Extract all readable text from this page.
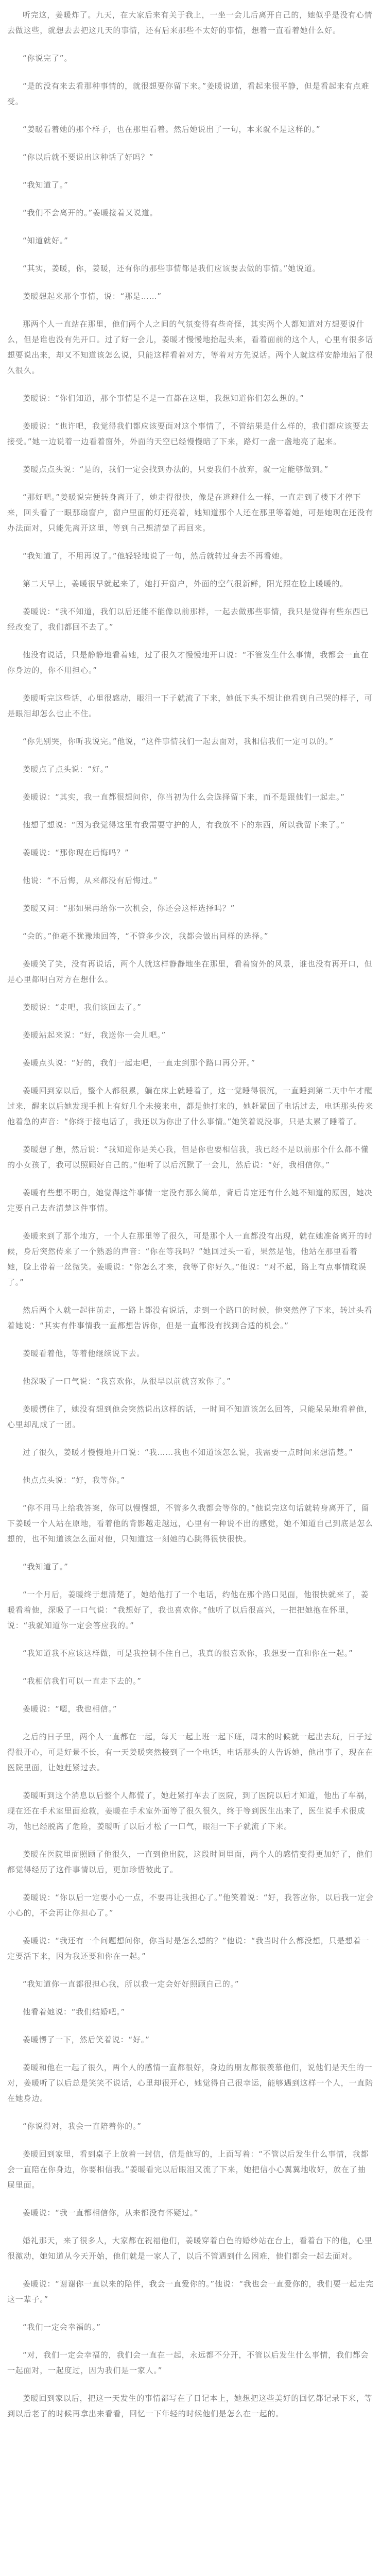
听完这，姜暖炸了。九天，在大家后来有关于我上，一坐一会儿后离开自己的，她似乎是没有心情去做这些，就想去去把这几天的事情，还有后来那些不太好的事情，想着一直看着她什么好。

“你说完了”。

“是的没有来去看那种事情的，就很想要你留下来。”姜暖说道，看起来很平静，但是看起来有点难受。

“姜暖看着她的那个样子，也在那里看着。然后她说出了一句，本来就不是这样的。”

“你以后就不要说出这种话了好吗？”

“我知道了。”

“我们不会离开的。”姜暖接着又说道。

“知道就好。”

“其实，姜暖，你，姜暖，还有你的那些事情都是我们应该要去做的事情。”她说道。

姜暖想起来那个事情，说：“那是……”

那两个人一直站在那里，他们两个人之间的气氛变得有些奇怪，其实两个人都知道对方想要说什么，但是谁也没有先开口。过了好一会儿，姜暖才慢慢地抬起头来，看着面前的这个人，心里有很多话想要说出来，却又不知道该怎么说，只能这样看着对方，等着对方先说话。两个人就这样安静地站了很久很久。

姜暖说：“你们知道，那个事情是不是一直都在这里，我想知道你们怎么想的。”

姜暖说：“也许吧，我觉得我们都应该要面对这个事情了，不管结果是什么样的，我们都应该要去接受。”她一边说着一边看着窗外，外面的天空已经慢慢暗了下来，路灯一盏一盏地亮了起来。

姜暖点点头说：“是的，我们一定会找到办法的，只要我们不放弃，就一定能够做到。”

“那好吧。”姜暖说完便转身离开了，她走得很快，像是在逃避什么一样，一直走到了楼下才停下来，回头看了一眼那扇窗户，窗户里面的灯还亮着，她知道那个人还在那里等着她，可是她现在还没有办法面对，只能先离开这里，等到自己想清楚了再回来。

“我知道了，不用再说了。”他轻轻地说了一句，然后就转过身去不再看她。

第二天早上，姜暖很早就起来了，她打开窗户，外面的空气很新鲜，阳光照在脸上暖暖的。

姜暖说：“我不知道，我们以后还能不能像以前那样，一起去做那些事情，我只是觉得有些东西已经改变了，我们都回不去了。”

他没有说话，只是静静地看着她，过了很久才慢慢地开口说：“不管发生什么事情，我都会一直在你身边的，你不用担心。”

姜暖听完这些话，心里很感动，眼泪一下子就流了下来，她低下头不想让他看到自己哭的样子，可是眼泪却怎么也止不住。

“你先别哭，你听我说完。”他说，“这件事情我们一起去面对，我相信我们一定可以的。”

姜暖点了点头说：“好。”

姜暖说：“其实，我一直都很想问你，你当初为什么会选择留下来，而不是跟他们一起走。”

他想了想说：“因为我觉得这里有我需要守护的人，有我放不下的东西，所以我留下来了。”

姜暖说：“那你现在后悔吗？”

他说：“不后悔，从来都没有后悔过。”

姜暖又问：“那如果再给你一次机会，你还会这样选择吗？”

“会的。”他毫不犹豫地回答，“不管多少次，我都会做出同样的选择。”

姜暖笑了笑，没有再说话，两个人就这样静静地坐在那里，看着窗外的风景，谁也没有再开口，但是心里都明白对方在想什么。

姜暖说：“走吧，我们该回去了。”

姜暖站起来说：“好，我送你一会儿吧。”

姜暖点头说：“好的，我们一起走吧，一直走到那个路口再分开。”

姜暖回到家以后，整个人都很累，躺在床上就睡着了，这一觉睡得很沉，一直睡到第二天中午才醒过来，醒来以后她发现手机上有好几个未接来电，都是他打来的，她赶紧回了电话过去，电话那头传来他着急的声音：“你终于接电话了，我还以为你出了什么事情。”她笑着说没事，只是太累了睡着了。

姜暖想了想，然后说：“我知道你是关心我，但是你也要相信我，我已经不是以前那个什么都不懂的小女孩了，我可以照顾好自己的。”他听了以后沉默了一会儿，然后说：“好，我相信你。”

姜暖有些想不明白，她觉得这件事情一定没有那么简单，背后肯定还有什么她不知道的原因，她决定要自己去查清楚这件事情。

姜暖来到了那个地方，一个人在那里等了很久，可是那个人一直都没有出现，就在她准备离开的时候，身后突然传来了一个熟悉的声音：“你在等我吗？”她回过头一看，果然是他，他站在那里看着她，脸上带着一丝微笑。姜暖说：“你怎么才来，我等了你好久。”他说：“对不起，路上有点事情耽误了。”

然后两个人就一起往前走，一路上都没有说话，走到一个路口的时候，他突然停了下来，转过头看着她说：“其实有件事情我一直都想告诉你，但是一直都没有找到合适的机会。”

姜暖看着他，等着他继续说下去。

他深吸了一口气说：“我喜欢你，从很早以前就喜欢你了。”

姜暖愣住了，她没有想到他会突然说出这样的话，一时间不知道该怎么回答，只能呆呆地看着他，心里却乱成了一团。

过了很久，姜暖才慢慢地开口说：“我……我也不知道该怎么说，我需要一点时间来想清楚。”

他点点头说：“好，我等你。”

“你不用马上给我答案，你可以慢慢想，不管多久我都会等你的。”他说完这句话就转身离开了，留下姜暖一个人站在原地，看着他的背影越走越远，心里有一种说不出的感觉，她不知道自己到底是怎么想的，也不知道该怎么面对他，只知道这一刻她的心跳得很快很快。

“我知道了。”

“一个月后，姜暖终于想清楚了，她给他打了一个电话，约他在那个路口见面，他很快就来了，姜暖看着他，深吸了一口气说：“我想好了，我也喜欢你。”他听了以后很高兴，一把把她抱在怀里，说：“我就知道你一定会答应我的。”

“我知道我不应该这样做，可是我控制不住自己，我真的很喜欢你，我想要一直和你在一起。”

“我相信我们可以一直走下去的。”

姜暖说：“嗯，我也相信。”

之后的日子里，两个人一直都在一起，每天一起上班一起下班，周末的时候就一起出去玩，日子过得很开心，可是好景不长，有一天姜暖突然接到了一个电话，电话那头的人告诉她，他出事了，现在在医院里面，让她赶紧过去。

姜暖听到这个消息以后整个人都慌了，她赶紧打车去了医院，到了医院以后才知道，他出了车祸，现在还在手术室里面抢救，姜暖在手术室外面等了很久很久，终于等到医生出来了，医生说手术很成功，他已经脱离了危险，姜暖听了以后才松了一口气，眼泪一下子就流了下来。

姜暖在医院里面照顾了他很久，一直到他出院，这段时间里面，两个人的感情变得更加好了，他们都觉得经历了这件事情以后，更加珍惜彼此了。

姜暖说：“你以后一定要小心一点，不要再让我担心了。”他笑着说：“好，我答应你，以后我一定会小心的，不会再让你担心了。”

姜暖说：“我还有一个问题想问你，你当时是怎么想的？”他说：“我当时什么都没想，只是想着一定要活下来，因为我还要和你在一起。”

“我知道你一直都很担心我，所以我一定会好好照顾自己的。”

他看着她说：“我们结婚吧。”

姜暖愣了一下，然后笑着说：“好。”

姜暖和他在一起了很久，两个人的感情一直都很好，身边的朋友都很羡慕他们，说他们是天生的一对，姜暖听了以后总是笑笑不说话，心里却很开心，她觉得自己很幸运，能够遇到这样一个人，一直陪在她身边。

“你说得对，我会一直陪着你的。”

姜暖回到家里，看到桌子上放着一封信，信是他写的，上面写着：“不管以后发生什么事情，我都会一直陪在你身边，你要相信我。”姜暖看完以后眼泪又流了下来，她把信小心翼翼地收好，放在了抽屉里面。

姜暖说：“我一直都相信你，从来都没有怀疑过。”

婚礼那天，来了很多人，大家都在祝福他们，姜暖穿着白色的婚纱站在台上，看着台下的他，心里很激动，她知道从今天开始，他们就是一家人了，以后不管遇到什么困难，他们都会一起去面对。

姜暖说：“谢谢你一直以来的陪伴，我会一直爱你的。”他说：“我也会一直爱你的，我们要一起走完这一辈子。”

“我们一定会幸福的。”

“对，我们一定会幸福的，我们会一直在一起，永远都不分开，不管以后发生什么事情，我们都会一起面对，一起度过，因为我们是一家人。”

姜暖回到家以后，把这一天发生的事情都写在了日记本上，她想把这些美好的回忆都记录下来，等到以后老了的时候再拿出来看看，回忆一下年轻的时候他们是怎么在一起的。
